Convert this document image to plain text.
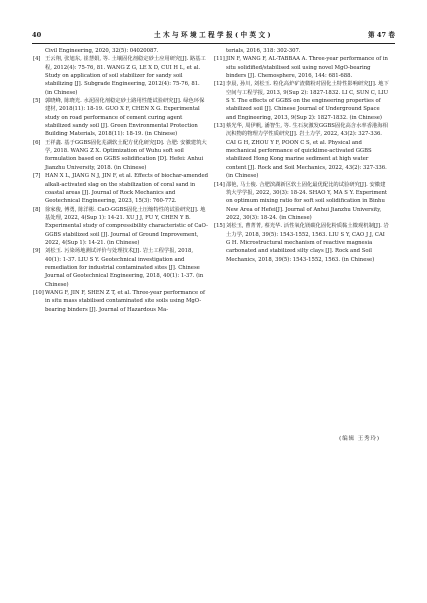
40	土木与环境工程学报(中英文)	第 47 卷

Civil Engineering, 2020, 32(5): 04020087.

[4] 王云翔, 张旭东, 崔慧娟, 等. 土壤固化剂稳定砂土应用研究[J]. 路基工程, 2012(4): 75-76, 81. WANG Z G, LE X D, CUI H L, et al. Study on application of soil stabilizer for sandy soil stabilizing [J]. Subgrade Engineering, 2012(4): 75-76, 81. (in Chinese)
[5] 郭晓峰, 陈晓光. 水泥固化剂稳定砂土路用性能试验研究[J]. 绿色环保建材, 2018(11): 18-19. GUO X F, CHEN X G. Experimental study on road performance of cement curing agent stabilized sandy soil [J]. Green Environmental Protection Building Materials, 2018(11): 18-19. (in Chinese)
[6] 王祥鑫. 基于GGBS固化芜湖软土配方优化研究[D]. 合肥: 安徽建筑大学, 2018. WANG Z X. Optimization of Wuhu soft soil formulation based on GGBS solidification [D]. Hefei: Anhui Jianzhu University, 2018. (in Chinese)
[7] HAN X L, JIANG N J, JIN F, et al. Effects of biochar-amended alkali-activated slag on the stabilization of coral sand in coastal areas [J]. Journal of Rock Mechanics and Geotechnical Engineering, 2023, 15(3): 760-772.
[8] 徐家俊, 傅勇, 陈洋彬. CaO-GGBS固化土压缩特性的试验研究[J]. 地基处理, 2022, 4(Sup 1): 14-21. XU J J, FU Y, CHEN Y B. Experimental study of compressibility characteristic of CaO-GGBS stabilized soil [J]. Journal of Ground Improvement, 2022, 4(Sup 1): 14-21. (in Chinese)
[9] 刘松玉. 污染场地测试评价与处理技术[J]. 岩土工程学报, 2018, 40(1): 1-37. LIU S Y. Geotechnical investigation and remediation for industrial contaminated sites [J]. Chinese Journal of Geotechnical Engineering, 2018, 40(1): 1-37. (in Chinese)
[10] WANG F, JIN F, SHEN Z T, et al. Three-year performance of in situ mass stabilised contaminated site soils using MgO-bearing binders [J]. Journal of Hazardous Ma-

terials, 2016, 318: 302-307.

[11] JIN F, WANG F, AL-TABBAA A. Three-year performance of in situ solidified/stabilised soil using novel MgO-bearing binders [J]. Chemosphere, 2016, 144: 681-688.
[12] 李晨, 孙川, 刘松玉. 粒化高炉矿渣微粉对固化土特性影响研究[J]. 地下空间与工程学报, 2013, 9(Sup 2): 1827-1832. LI C, SUN C, LIU S Y. The effects of GGBS on the engineering properties of stabilized soil [J]. Chinese Journal of Underground Space and Engineering, 2013, 9(Sup 2): 1827-1832. (in Chinese)
[13] 蔡光华, 周伊帆, 潘智生, 等. 生石灰激发GGBS固化高含水率香港海相沉积物的物理力学性质研究[J]. 岩土力学, 2022, 43(2): 327-336. CAI G H, ZHOU Y F, POON C S, et al. Physical and mechanical performance of quicklime-activated GGBS stabilized Hong Kong marine sediment at high water content [J]. Rock and Soil Mechanics, 2022, 43(2): 327-336. (in Chinese)
[14] 邵艳, 马士俊. 合肥滨湖新区软土固化最优配比的试验研究[J]. 安徽建筑大学学报, 2022, 30(3): 18-24. SHAO Y, MA S Y. Experiment on optimum mixing ratio for soft soil solidification in Binhu New Area of Hefei[J]. Journal of Anhui Jianzhu University, 2022, 30(3): 18-24. (in Chinese)
[15] 刘松玉, 曹菁菁, 蔡光华. 活性氧化镁碳化固化粉质黏土微观机制[J]. 岩土力学, 2018, 39(5): 1543-1552, 1563. LIU S Y, CAO J J, CAI G H. Microstructural mechanism of reactive magnesia carbonated and stabilized silty clays [J]. Rock and Soil Mechanics, 2018, 39(5): 1543-1552, 1563. (in Chinese)
(编辑 王秀玲)
